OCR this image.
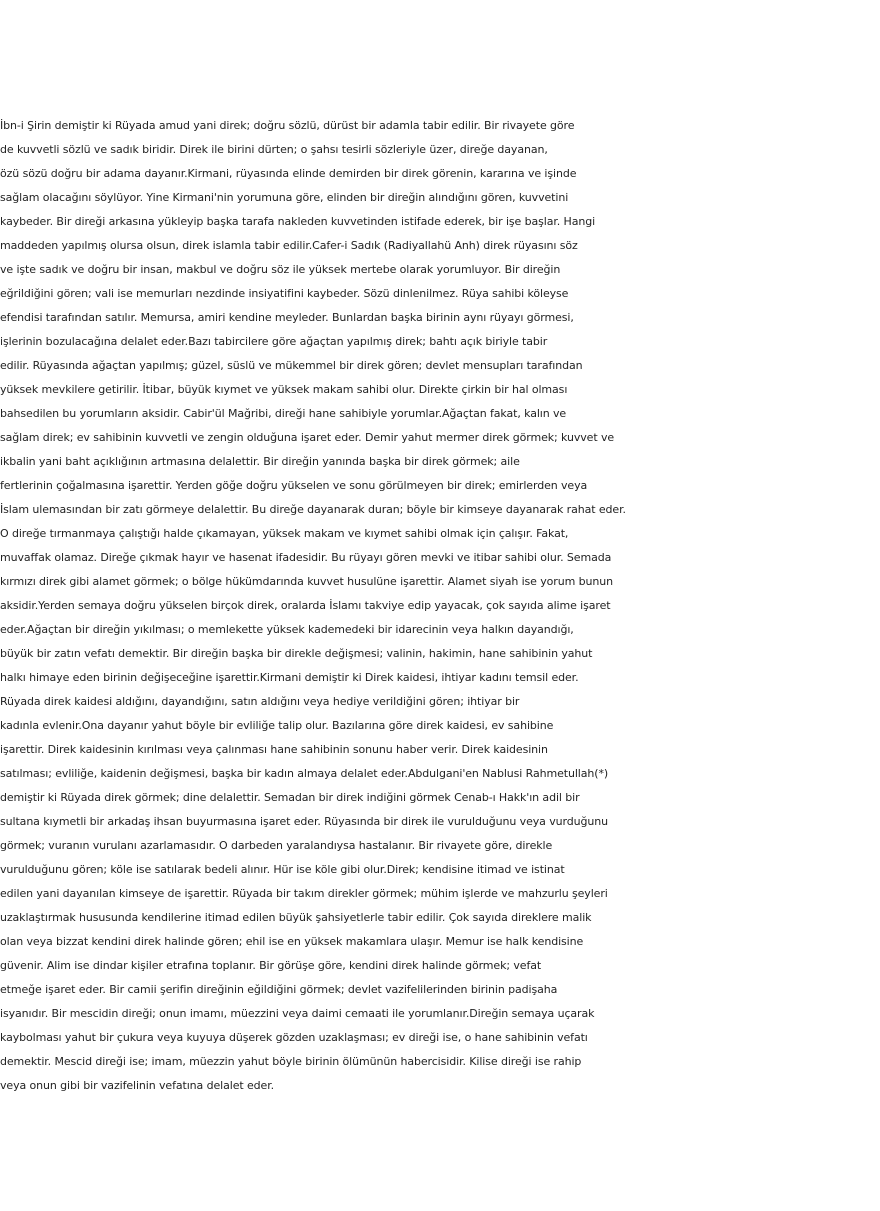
İbn-i Şirin demiştir ki Rüyada amud yani direk; doğru sözlü, dürüst bir adamla tabir edilir. Bir rivayete göre
de kuvvetli sözlü ve sadık biridir. Direk ile birini dürten; o şahsı tesirli sözleriyle üzer, direğe dayanan,
özü sözü doğru bir adama dayanır.Kirmani, rüyasında elinde demirden bir direk görenin, kararına ve işinde
sağlam olacağını söylüyor. Yine Kirmani'nin yorumuna göre, elinden bir direğin alındığını gören, kuvvetini
kaybeder. Bir direği arkasına yükleyip başka tarafa nakleden kuvvetinden istifade ederek, bir işe başlar. Hangi
maddeden yapılmış olursa olsun, direk islamla tabir edilir.Cafer-i Sadık (Radiyallahü Anh) direk rüyasını söz
ve işte sadık ve doğru bir insan, makbul ve doğru söz ile yüksek mertebe olarak yorumluyor. Bir direğin
eğrildiğini gören; vali ise memurları nezdinde insiyatifini kaybeder. Sözü dinlenilmez. Rüya sahibi köleyse
efendisi tarafından satılır. Memursa, amiri kendine meyleder. Bunlardan başka birinin aynı rüyayı görmesi,
işlerinin bozulacağına delalet eder.Bazı tabircilere göre ağaçtan yapılmış direk; bahtı açık biriyle tabir
edilir. Rüyasında ağaçtan yapılmış; güzel, süslü ve mükemmel bir direk gören; devlet mensupları tarafından
yüksek mevkilere getirilir. İtibar, büyük kıymet ve yüksek makam sahibi olur. Direkte çirkin bir hal olması
bahsedilen bu yorumların aksidir. Cabir'ül Mağribi, direği hane sahibiyle yorumlar.Ağaçtan fakat, kalın ve
sağlam direk; ev sahibinin kuvvetli ve zengin olduğuna işaret eder. Demir yahut mermer direk görmek; kuvvet ve
ikbalin yani baht açıklığının artmasına delalettir. Bir direğin yanında başka bir direk görmek; aile
fertlerinin çoğalmasına işarettir. Yerden göğe doğru yükselen ve sonu görülmeyen bir direk; emirlerden veya
İslam ulemasından bir zatı görmeye delalettir. Bu direğe dayanarak duran; böyle bir kimseye dayanarak rahat eder.
O direğe tırmanmaya çalıştığı halde çıkamayan, yüksek makam ve kıymet sahibi olmak için çalışır. Fakat,
muvaffak olamaz. Direğe çıkmak hayır ve hasenat ifadesidir. Bu rüyayı gören mevki ve itibar sahibi olur. Semada
kırmızı direk gibi alamet görmek; o bölge hükümdarında kuvvet husulüne işarettir. Alamet siyah ise yorum bunun
aksidir.Yerden semaya doğru yükselen birçok direk, oralarda İslamı takviye edip yayacak, çok sayıda alime işaret
eder.Ağaçtan bir direğin yıkılması; o memlekette yüksek kademedeki bir idarecinin veya halkın dayandığı,
büyük bir zatın vefatı demektir. Bir direğin başka bir direkle değişmesi; valinin, hakimin, hane sahibinin yahut
halkı himaye eden birinin değişeceğine işarettir.Kirmani demiştir ki Direk kaidesi, ihtiyar kadını temsil eder.
Rüyada direk kaidesi aldığını, dayandığını, satın aldığını veya hediye verildiğini gören; ihtiyar bir
kadınla evlenir.Ona dayanır yahut böyle bir evliliğe talip olur. Bazılarına göre direk kaidesi, ev sahibine
işarettir. Direk kaidesinin kırılması veya çalınması hane sahibinin sonunu haber verir. Direk kaidesinin
satılması; evliliğe, kaidenin değişmesi, başka bir kadın almaya delalet eder.Abdulgani'en Nablusi Rahmetullah(*)
demiştir ki Rüyada direk görmek; dine delalettir. Semadan bir direk indiğini görmek Cenab-ı Hakk'ın adil bir
sultana kıymetli bir arkadaş ihsan buyurmasına işaret eder. Rüyasında bir direk ile vurulduğunu veya vurduğunu
görmek; vuranın vurulanı azarlamasıdır. O darbeden yaralandıysa hastalanır. Bir rivayete göre, direkle
vurulduğunu gören; köle ise satılarak bedeli alınır. Hür ise köle gibi olur.Direk; kendisine itimad ve istinat
edilen yani dayanılan kimseye de işarettir. Rüyada bir takım direkler görmek; mühim işlerde ve mahzurlu şeyleri
uzaklaştırmak hususunda kendilerine itimad edilen büyük şahsiyetlerle tabir edilir. Çok sayıda direklere malik
olan veya bizzat kendini direk halinde gören; ehil ise en yüksek makamlara ulaşır. Memur ise halk kendisine
güvenir. Alim ise dindar kişiler etrafına toplanır. Bir görüşe göre, kendini direk halinde görmek; vefat
etmeğe işaret eder. Bir camii şerifin direğinin eğildiğini görmek; devlet vazifelilerinden birinin padişaha
isyanıdır. Bir mescidin direği; onun imamı, müezzini veya daimi cemaati ile yorumlanır.Direğin semaya uçarak
kaybolması yahut bir çukura veya kuyuya düşerek gözden uzaklaşması; ev direği ise, o hane sahibinin vefatı
demektir. Mescid direği ise; imam, müezzin yahut böyle birinin ölümünün habercisidir. Kilise direği ise rahip
veya onun gibi bir vazifelinin vefatına delalet eder.
